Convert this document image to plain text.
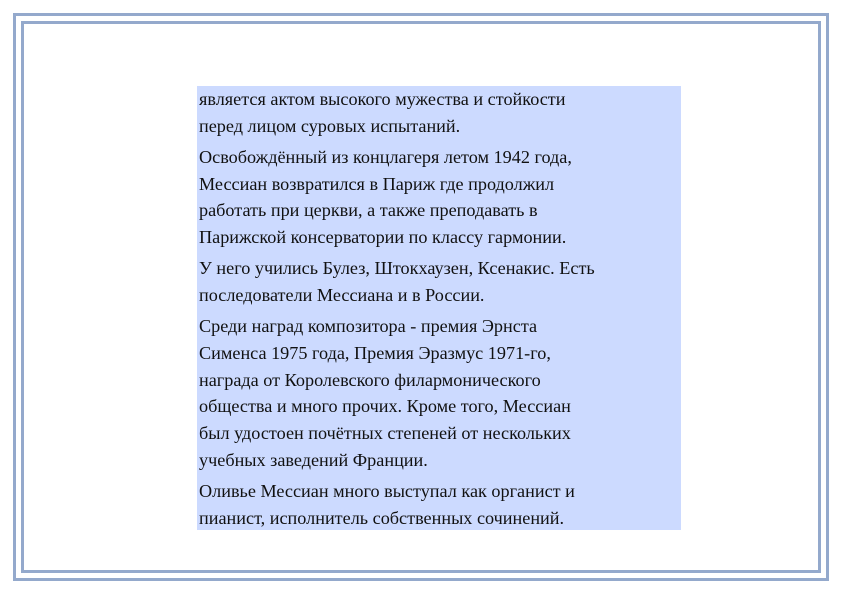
является актом высокого мужества и стойкости
перед лицом суровых испытаний.

Освобождённый из концлагеря летом 1942 года,
Мессиан возвратился в Париж где продолжил
работать при церкви, а также преподавать в
Парижской консерватории по классу гармонии.

У него учились Булез, Штокхаузен, Ксенакис. Есть
последователи Мессиана и в России.

Среди наград композитора - премия Эрнста
Сименса 1975 года, Премия Эразмус 1971-го,
награда от Королевского филармонического
общества и много прочих. Кроме того, Мессиан
был удостоен почётных степеней от нескольких
учебных заведений Франции.

Оливье Мессиан много выступал как органист и
пианист, исполнитель собственных сочинений.
